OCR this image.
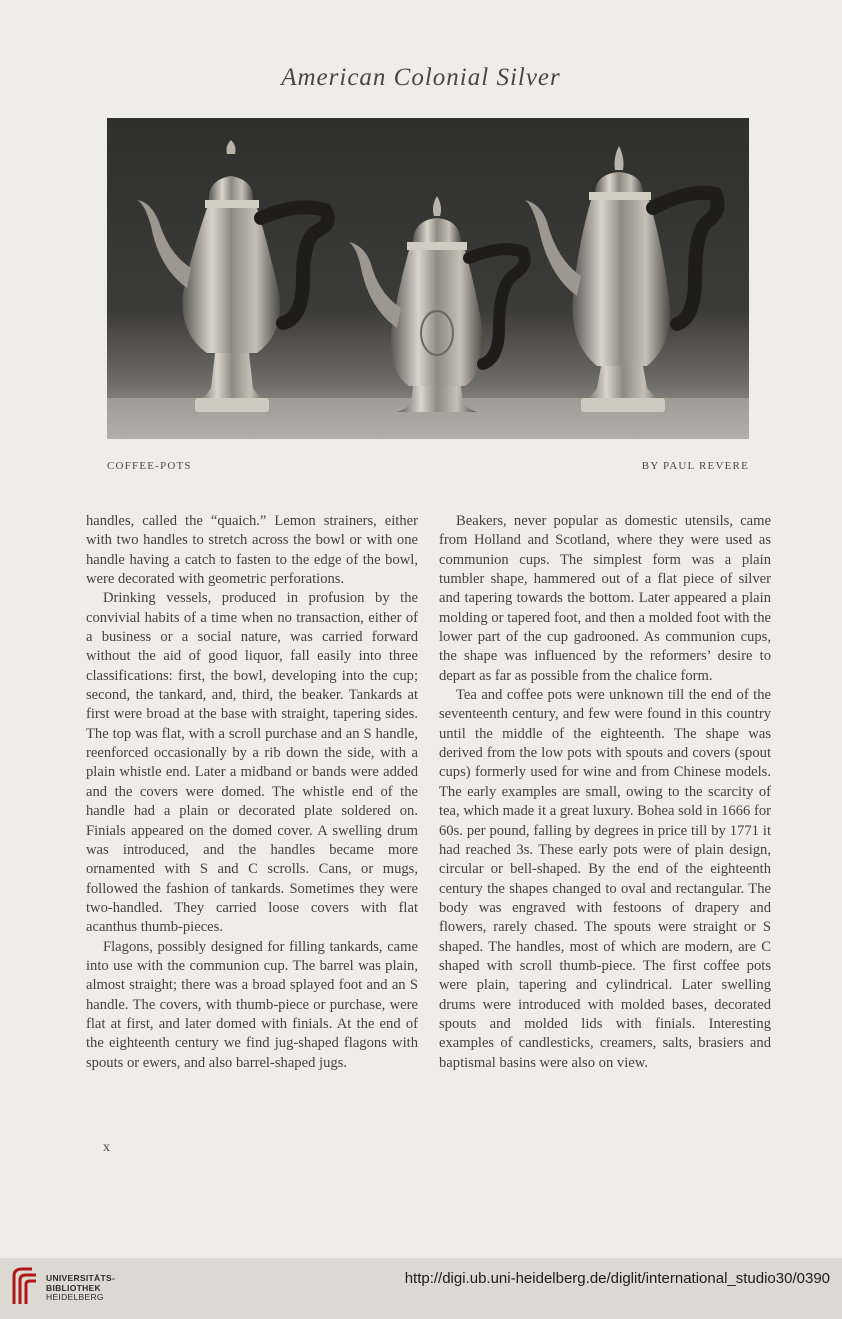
American Colonial Silver
COFFEE-POTS	BY PAUL REVERE

handles, called the “quaich.” Lemon strainers, either with two handles to stretch across the bowl or with one handle having a catch to fasten to the edge of the bowl, were decorated with geometric perforations.

Drinking vessels, produced in profusion by the convivial habits of a time when no transaction, either of a business or a social nature, was carried forward without the aid of good liquor, fall easily into three classifications: first, the bowl, developing into the cup; second, the tankard, and, third, the beaker. Tankards at first were broad at the base with straight, tapering sides. The top was flat, with a scroll purchase and an S handle, reenforced occasionally by a rib down the side, with a plain whistle end. Later a midband or bands were added and the covers were domed. The whistle end of the handle had a plain or decorated plate soldered on. Finials appeared on the domed cover. A swelling drum was introduced, and the handles became more ornamented with S and C scrolls. Cans, or mugs, followed the fashion of tankards. Sometimes they were two-handled. They carried loose covers with flat acanthus thumb-pieces.

Flagons, possibly designed for filling tankards, came into use with the communion cup. The barrel was plain, almost straight; there was a broad splayed foot and an S handle. The covers, with thumb-piece or purchase, were flat at first, and later domed with finials. At the end of the eighteenth century we find jug-shaped flagons with spouts or ewers, and also barrel-shaped jugs.

Beakers, never popular as domestic utensils, came from Holland and Scotland, where they were used as communion cups. The simplest form was a plain tumbler shape, hammered out of a flat piece of silver and tapering towards the bottom. Later appeared a plain molding or tapered foot, and then a molded foot with the lower part of the cup gadrooned. As communion cups, the shape was influenced by the reformers’ desire to depart as far as possible from the chalice form.

Tea and coffee pots were unknown till the end of the seventeenth century, and few were found in this country until the middle of the eighteenth. The shape was derived from the low pots with spouts and covers (spout cups) formerly used for wine and from Chinese models. The early examples are small, owing to the scarcity of tea, which made it a great luxury. Bohea sold in 1666 for 60s. per pound, falling by degrees in price till by 1771 it had reached 3s. These early pots were of plain design, circular or bell-shaped. By the end of the eighteenth century the shapes changed to oval and rectangular. The body was engraved with festoons of drapery and flowers, rarely chased. The spouts were straight or S shaped. The handles, most of which are modern, are C shaped with scroll thumb-piece. The first coffee pots were plain, tapering and cylindrical. Later swelling drums were introduced with molded bases, decorated spouts and molded lids with finials. Interesting examples of candlesticks, creamers, salts, brasiers and baptismal basins were also on view.

x
UNIVERSITÄTS-
BIBLIOTHEK
HEIDELBERG
http://digi.ub.uni-heidelberg.de/diglit/international_studio30/0390
